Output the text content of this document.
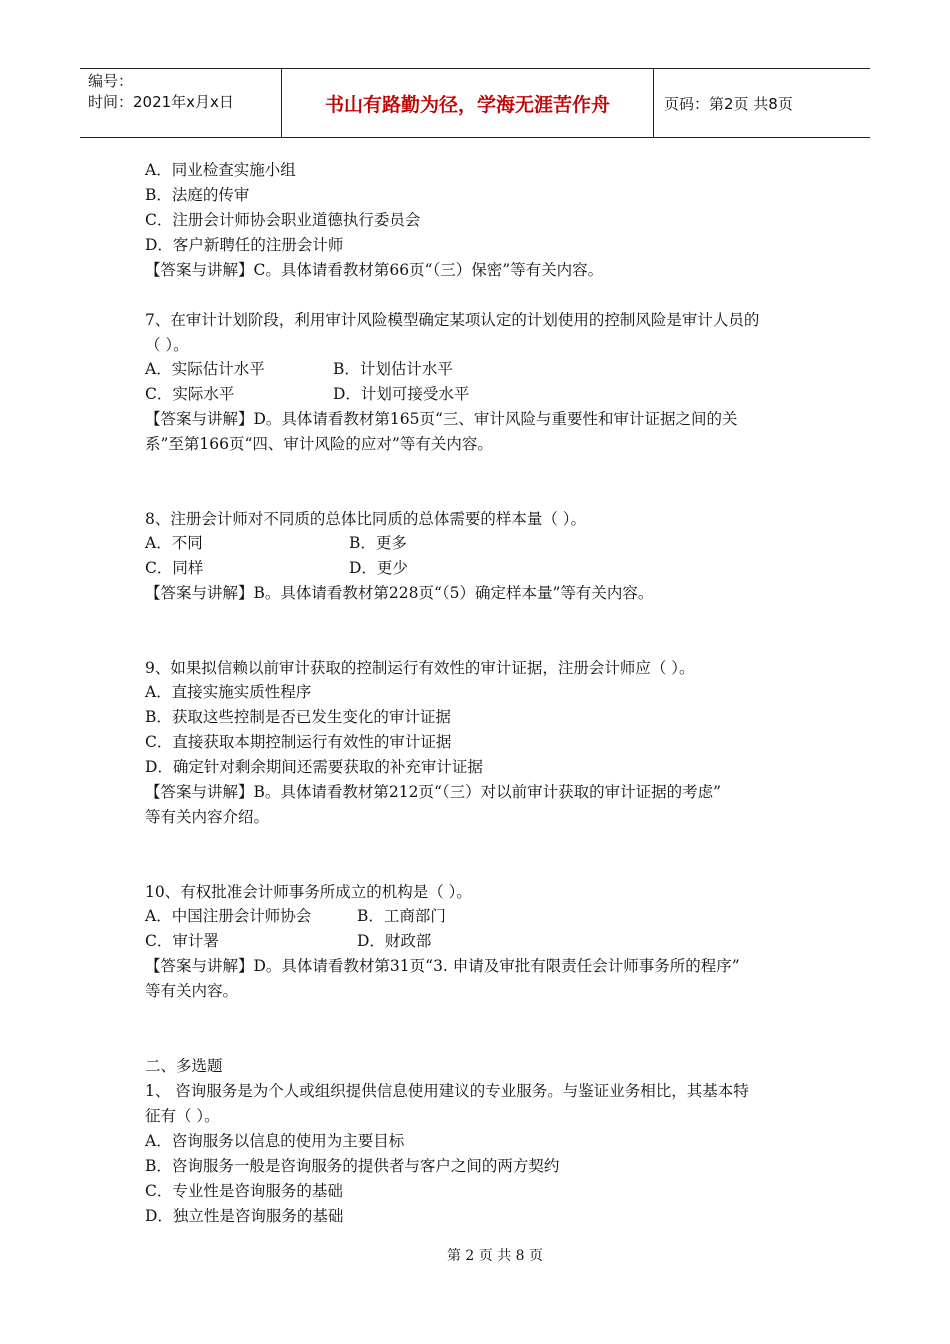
编号：
时间：2021年x月x日	书山有路勤为径，学海无涯苦作舟	页码：第2页 共8页
A．同业检查实施小组
B．法庭的传审
C．注册会计师协会职业道德执行委员会
D．客户新聘任的注册会计师
【答案与讲解】C。具体请看教材第66页“（三）保密”等有关内容。
7、在审计计划阶段，利用审计风险模型确定某项认定的计划使用的控制风险是审计人员的
（ ）。
A．实际估计水平	B．计划估计水平
C．实际水平	D．计划可接受水平
【答案与讲解】D。具体请看教材第165页“三、审计风险与重要性和审计证据之间的关
系”至第166页“四、审计风险的应对”等有关内容。
8、注册会计师对不同质的总体比同质的总体需要的样本量（ ）。
A．不同	B．更多
C．同样	D．更少
【答案与讲解】B。具体请看教材第228页“（5）确定样本量”等有关内容。
9、如果拟信赖以前审计获取的控制运行有效性的审计证据，注册会计师应（ ）。
A．直接实施实质性程序
B．获取这些控制是否已发生变化的审计证据
C．直接获取本期控制运行有效性的审计证据
D．确定针对剩余期间还需要获取的补充审计证据
【答案与讲解】B。具体请看教材第212页“（三）对以前审计获取的审计证据的考虑”
等有关内容介绍。
10、有权批准会计师事务所成立的机构是（ ）。
A．中国注册会计师协会	B．工商部门
C．审计署	D．财政部
【答案与讲解】D。具体请看教材第31页“3. 申请及审批有限责任会计师事务所的程序”
等有关内容。
二、多选题
1、 咨询服务是为个人或组织提供信息使用建议的专业服务。与鉴证业务相比，其基本特
征有（ ）。
A．咨询服务以信息的使用为主要目标
B．咨询服务一般是咨询服务的提供者与客户之间的两方契约
C．专业性是咨询服务的基础
D．独立性是咨询服务的基础
第 2 页 共 8 页
